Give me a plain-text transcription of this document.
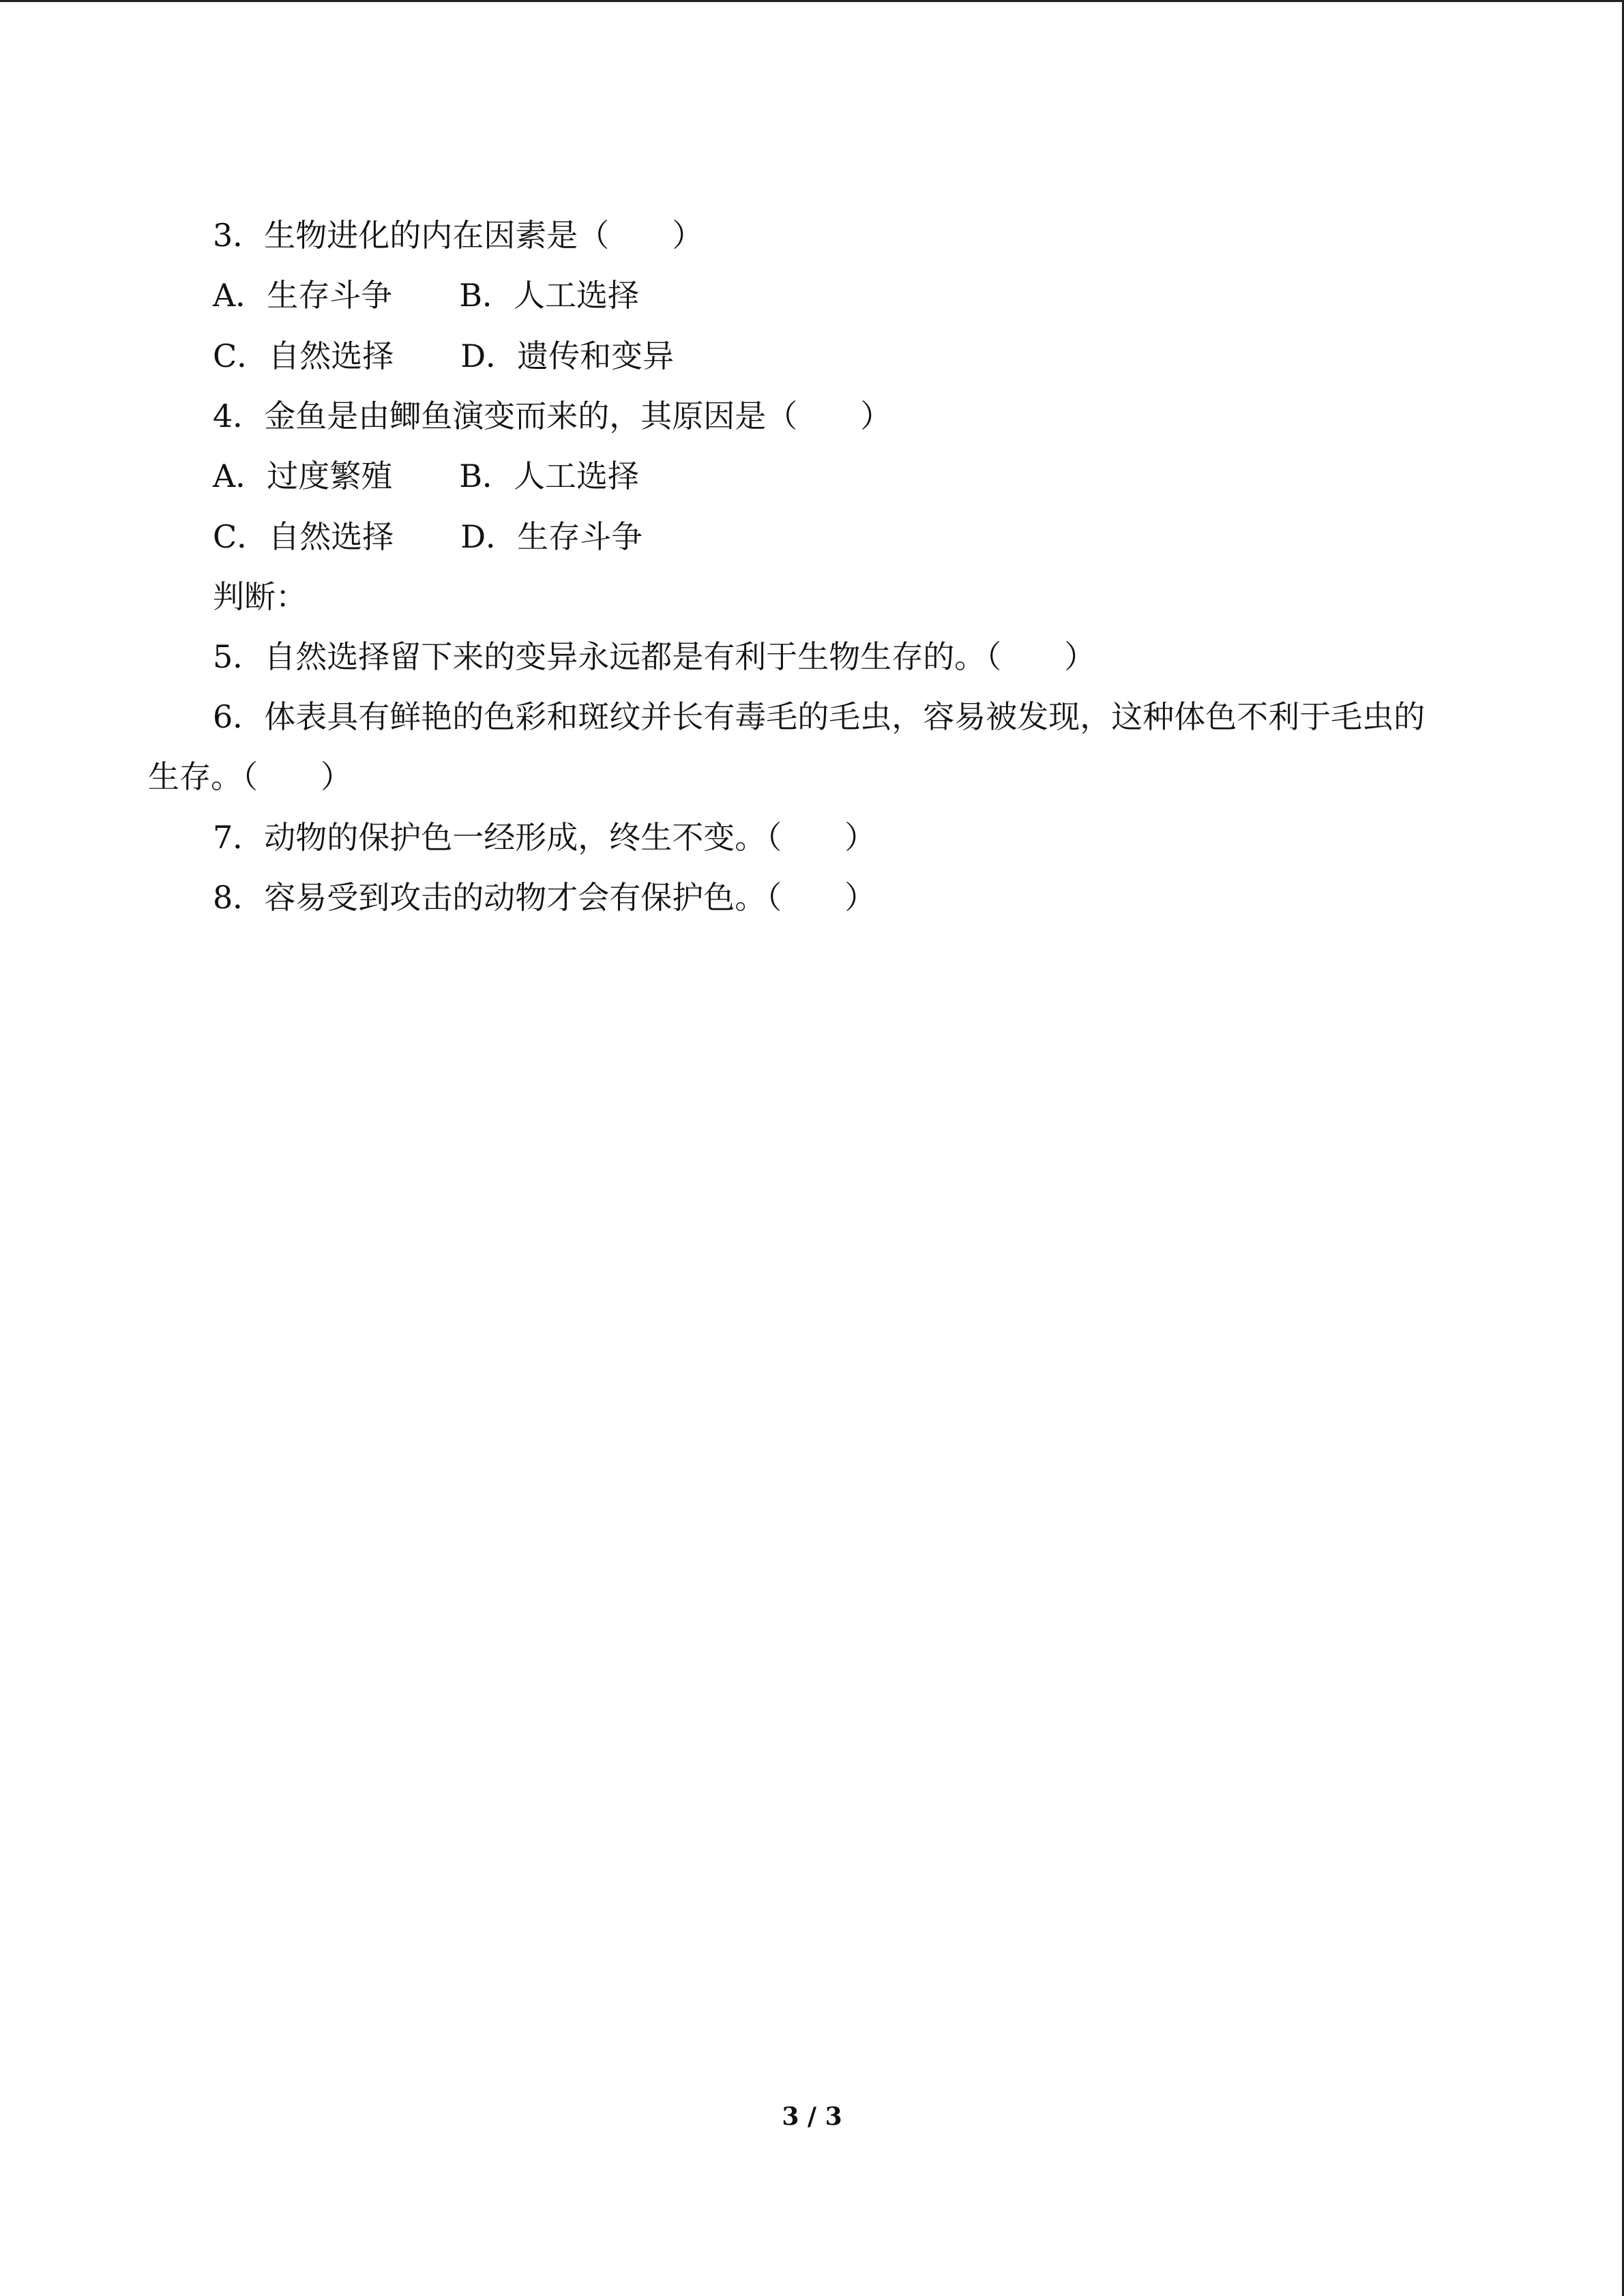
3．生物进化的内在因素是（　　）
A．生存斗争 B．人工选择
C．自然选择 D．遗传和变异
4．金鱼是由鲫鱼演变而来的，其原因是（　　）
A．过度繁殖 B．人工选择
C．自然选择 D．生存斗争
判断：
5．自然选择留下来的变异永远都是有利于生物生存的。（　　）
6．体表具有鲜艳的色彩和斑纹并长有毒毛的毛虫，容易被发现，这种体色不利于毛虫的
生存。（　　）
7．动物的保护色一经形成，终生不变。（　　）
8．容易受到攻击的动物才会有保护色。（　　）
3 / 3
